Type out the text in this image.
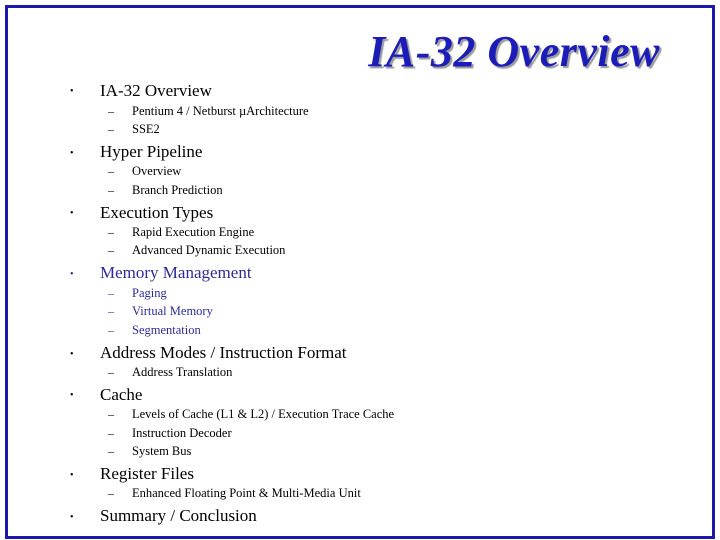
IA-32 Overview
• IA-32 Overview
– Pentium 4 / Netburst µArchitecture
– SSE2
• Hyper Pipeline
– Overview
– Branch Prediction
• Execution Types
– Rapid Execution Engine
– Advanced Dynamic Execution
• Memory Management
– Paging
– Virtual Memory
– Segmentation
• Address Modes / Instruction Format
– Address Translation
• Cache
– Levels of Cache (L1 & L2) / Execution Trace Cache
– Instruction Decoder
– System Bus
• Register Files
– Enhanced Floating Point & Multi-Media Unit
• Summary / Conclusion
